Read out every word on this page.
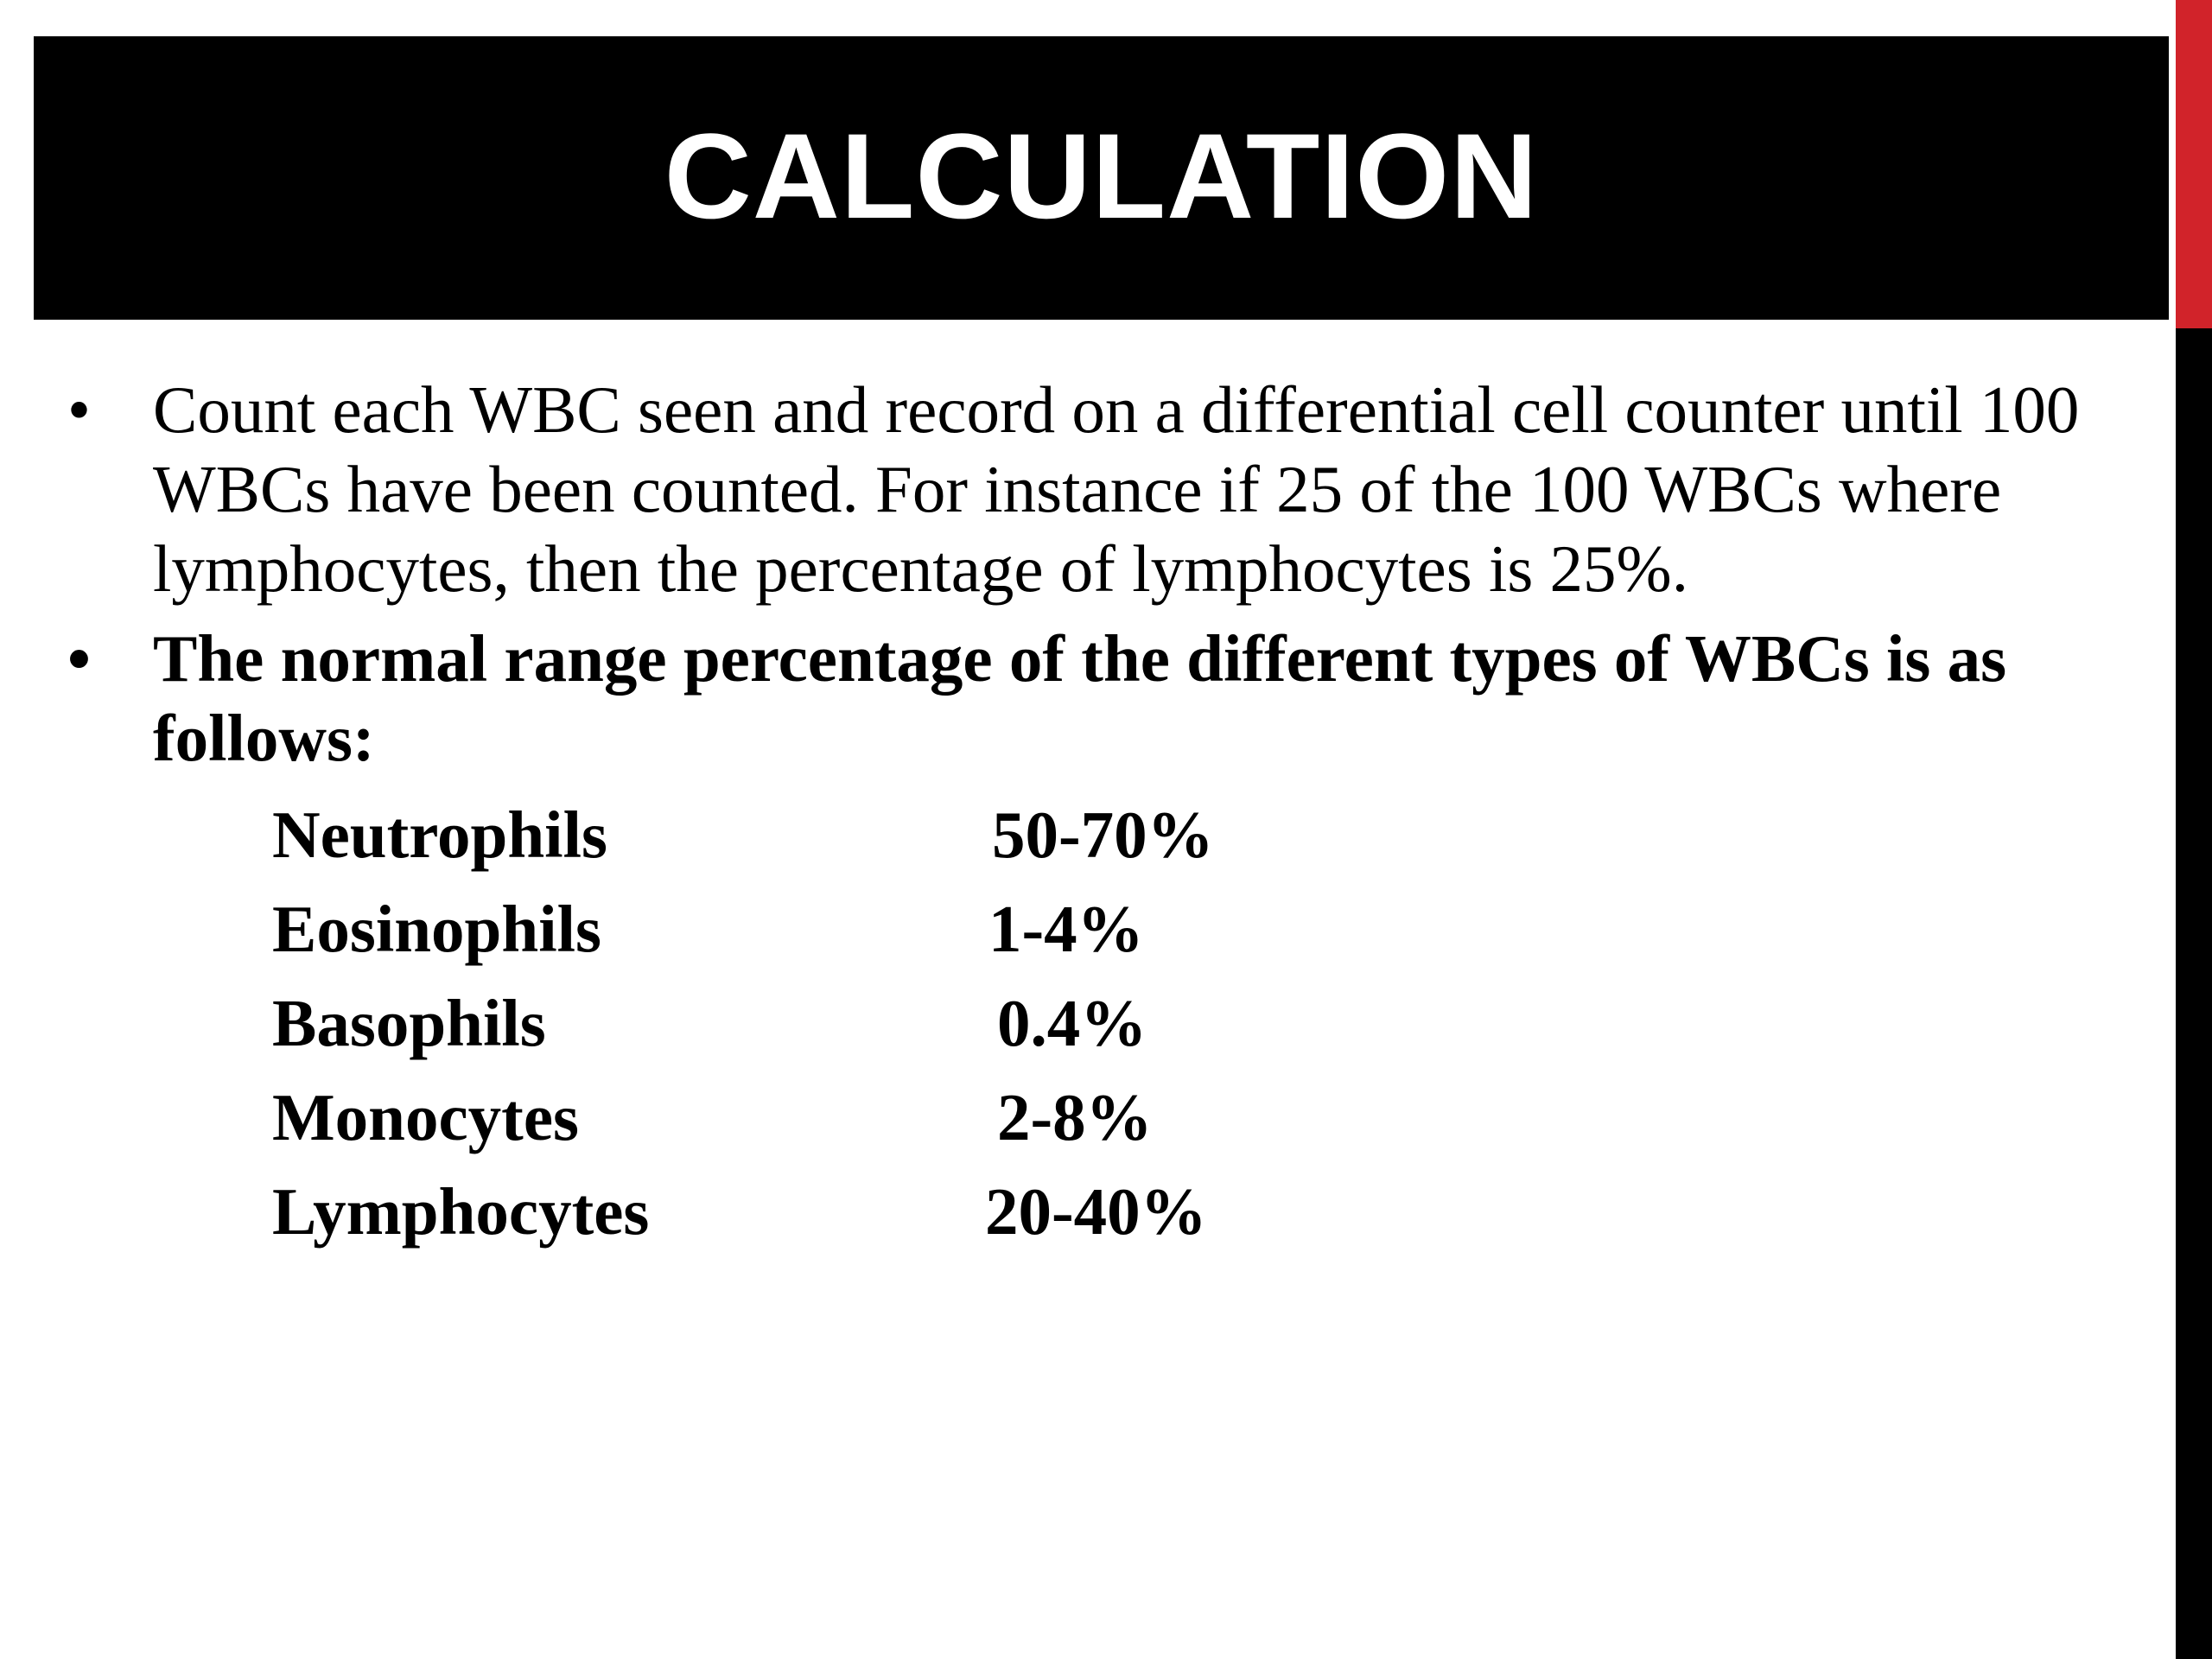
CALCULATION
• Count each WBC seen and record on a differential cell counter until 100 WBCs have been counted. For instance if 25 of the 100 WBCs where lymphocytes, then the percentage of lymphocytes is 25%.
• The normal range percentage of the different types of WBCs is as follows:
Neutrophils	50-70%
Eosinophils	1-4%
Basophils	0.4%
Monocytes	2-8%
Lymphocytes	20-40%
